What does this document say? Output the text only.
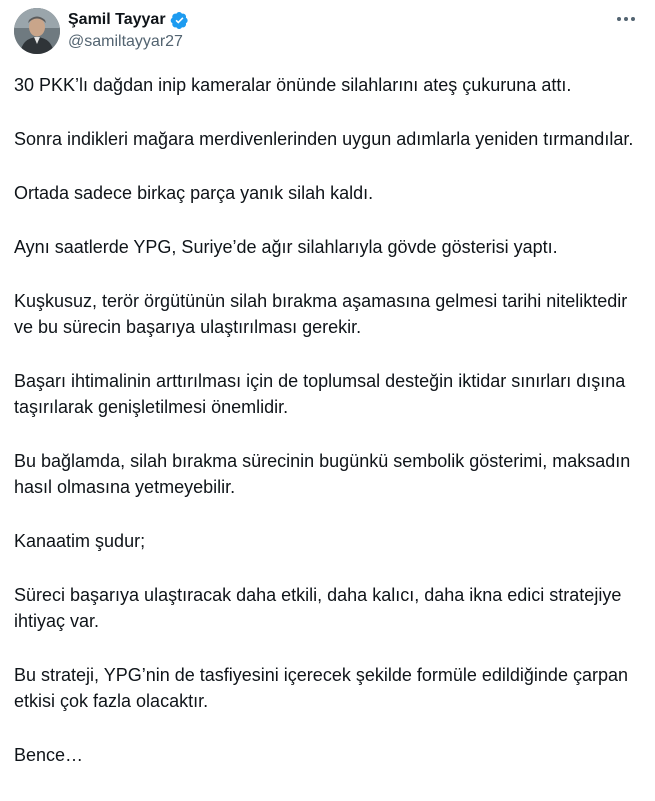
Şamil Tayyar
@samiltayyar27

30 PKK’lı dağdan inip kameralar önünde silahlarını ateş çukuruna attı.

Sonra indikleri mağara merdivenlerinden uygun adımlarla yeniden tırmandılar.

Ortada sadece birkaç parça yanık silah kaldı.

Aynı saatlerde YPG, Suriye’de ağır silahlarıyla gövde gösterisi yaptı.

Kuşkusuz, terör örgütünün silah bırakma aşamasına gelmesi tarihi niteliktedir ve bu sürecin başarıya ulaştırılması gerekir.

Başarı ihtimalinin arttırılması için de toplumsal desteğin iktidar sınırları dışına taşırılarak genişletilmesi önemlidir.

Bu bağlamda, silah bırakma sürecinin bugünkü sembolik gösterimi, maksadın hasıl olmasına yetmeyebilir.

Kanaatim şudur;

Süreci başarıya ulaştıracak daha etkili, daha kalıcı, daha ikna edici stratejiye ihtiyaç var.

Bu strateji, YPG’nin de tasfiyesini içerecek şekilde formüle edildiğinde çarpan etkisi çok fazla olacaktır.

Bence…
